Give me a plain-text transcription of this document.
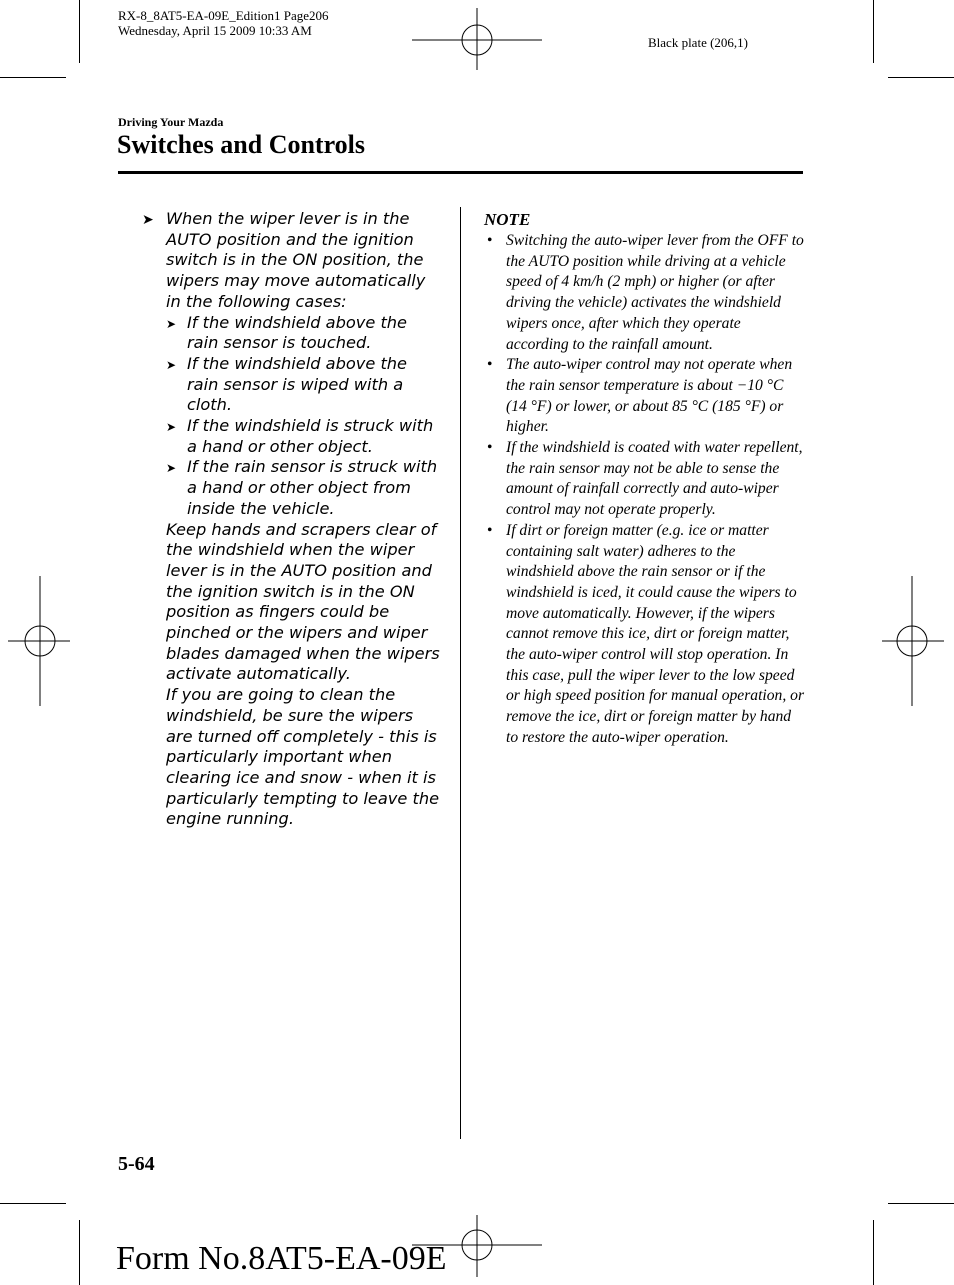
RX-8_8AT5-EA-09E_Edition1 Page206
Wednesday, April 15 2009 10:33 AM
Black plate (206,1)
Driving Your Mazda
Switches and Controls
➤ When the wiper lever is in the AUTO position and the ignition switch is in the ON position, the wipers may move automatically in the following cases:
➤ If the windshield above the rain sensor is touched.
➤ If the windshield above the rain sensor is wiped with a cloth.
➤ If the windshield is struck with a hand or other object.
➤ If the rain sensor is struck with a hand or other object from inside the vehicle.
Keep hands and scrapers clear of the windshield when the wiper lever is in the AUTO position and the ignition switch is in the ON position as fingers could be pinched or the wipers and wiper blades damaged when the wipers activate automatically.
If you are going to clean the windshield, be sure the wipers are turned off completely - this is particularly important when clearing ice and snow - when it is particularly tempting to leave the engine running.
NOTE
• Switching the auto-wiper lever from the OFF to the AUTO position while driving at a vehicle speed of 4 km/h (2 mph) or higher (or after driving the vehicle) activates the windshield wipers once, after which they operate according to the rainfall amount.
• The auto-wiper control may not operate when the rain sensor temperature is about −10 °C (14 °F) or lower, or about 85 °C (185 °F) or higher.
• If the windshield is coated with water repellent, the rain sensor may not be able to sense the amount of rainfall correctly and auto-wiper control may not operate properly.
• If dirt or foreign matter (e.g. ice or matter containing salt water) adheres to the windshield above the rain sensor or if the windshield is iced, it could cause the wipers to move automatically. However, if the wipers cannot remove this ice, dirt or foreign matter, the auto-wiper control will stop operation. In this case, pull the wiper lever to the low speed or high speed position for manual operation, or remove the ice, dirt or foreign matter by hand to restore the auto-wiper operation.
5-64
Form No.8AT5-EA-09E
